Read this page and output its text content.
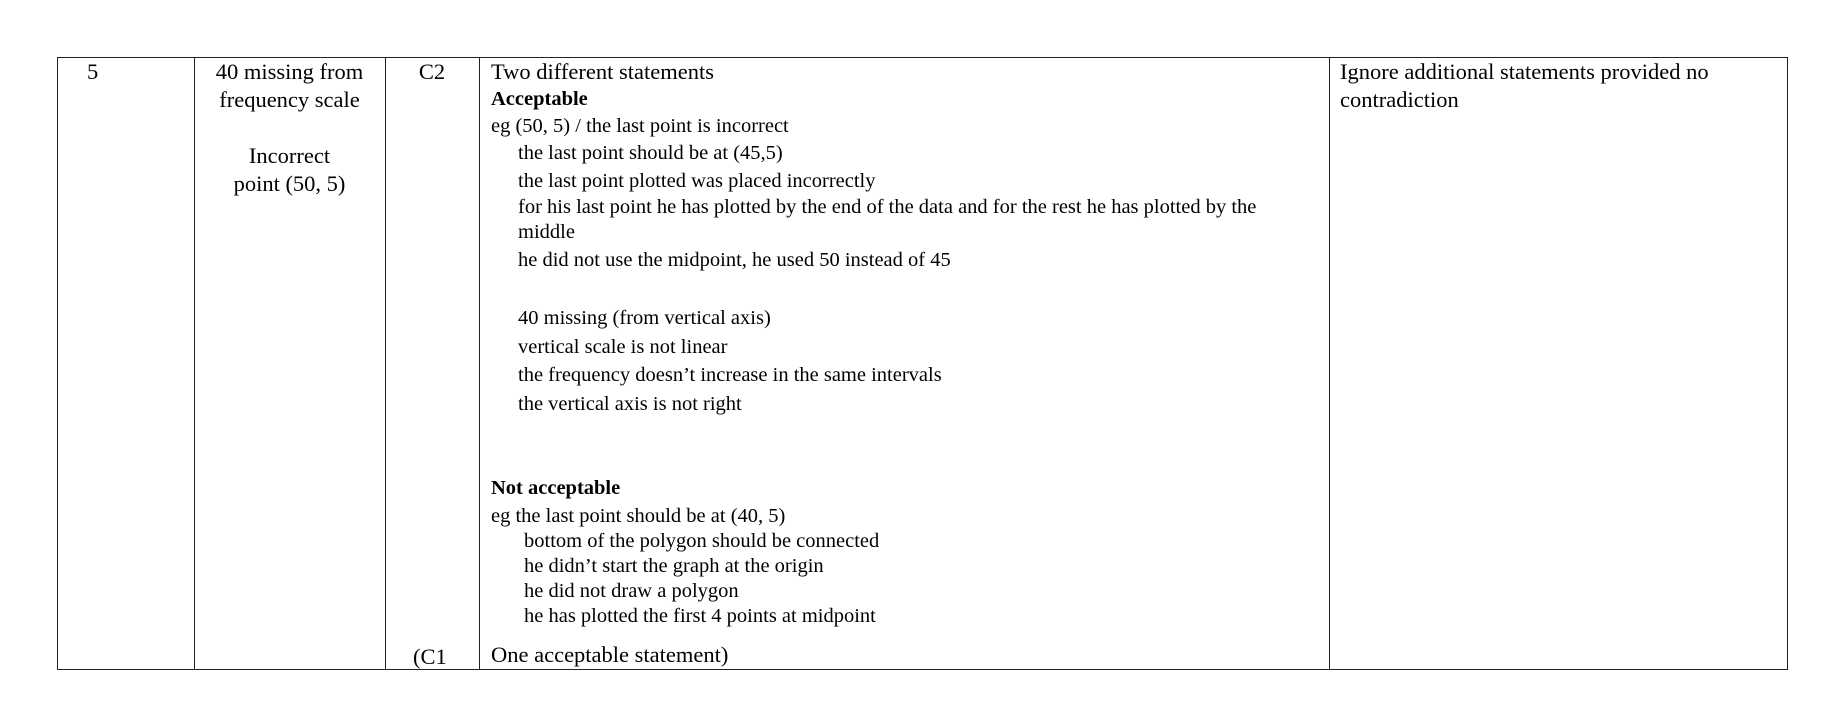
5	40 missing from
frequency scale
Incorrect
point (50, 5)
C2
(C1
Two different statements
Acceptable
eg (50, 5) / the last point is incorrect
the last point should be at (45,5)
the last point plotted was placed incorrectly
for his last point he has plotted by the end of the data and for the rest he has plotted by the
middle
he did not use the midpoint, he used 50 instead of 45
40 missing (from vertical axis)
vertical scale is not linear
the frequency doesn’t increase in the same intervals
the vertical axis is not right
Not acceptable
eg the last point should be at (40, 5)
bottom of the polygon should be connected
he didn’t start the graph at the origin
he did not draw a polygon
he has plotted the first 4 points at midpoint
One acceptable statement)
Ignore additional statements provided no
contradiction
